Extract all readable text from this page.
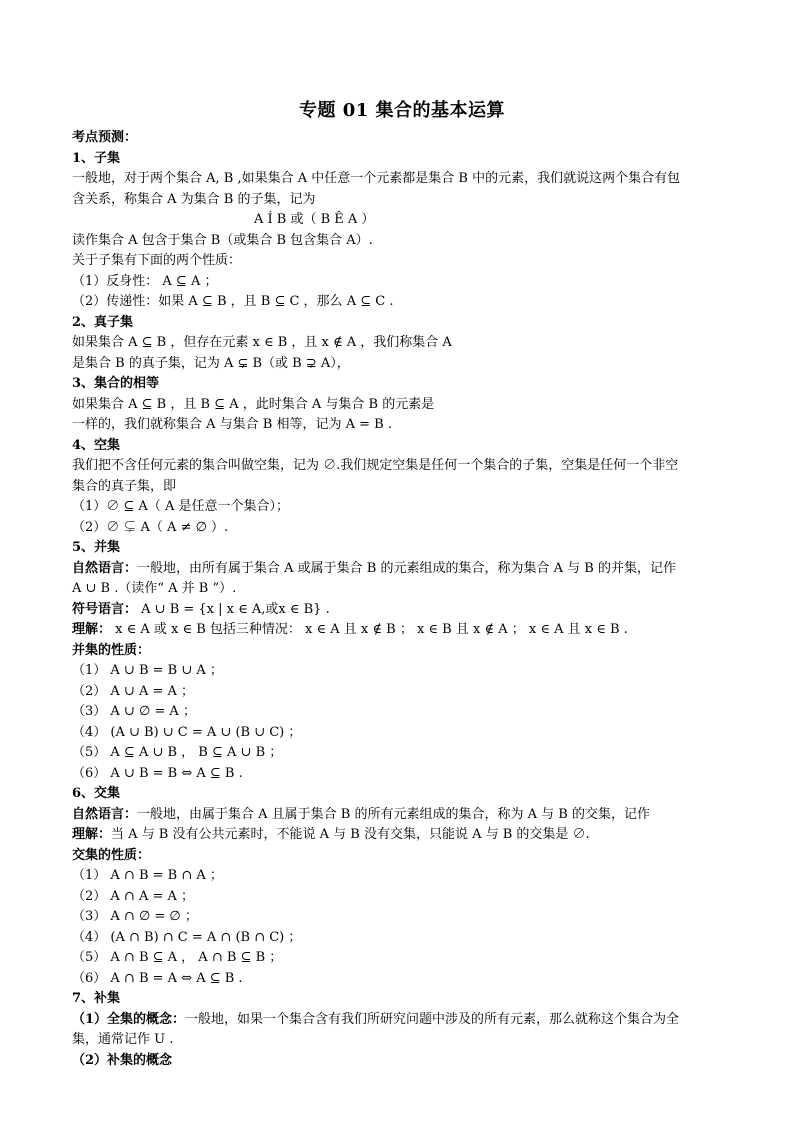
专题 01 集合的基本运算
考点预测：
1、子集
一般地，对于两个集合 A, B ,如果集合 A 中任意一个元素都是集合 B 中的元素，我们就说这两个集合有包
含关系，称集合 A 为集合 B 的子集，记为
A Í B 或（ B Ê A ）
读作集合 A 包含于集合 B（或集合 B 包含集合 A）.
关于子集有下面的两个性质：
（1）反身性： A ⊆ A ；
（2）传递性：如果 A ⊆ B ，且 B ⊆ C ，那么 A ⊆ C .
2、真子集
如果集合 A ⊆ B ，但存在元素 x ∈ B ，且 x ∉ A ，我们称集合 A
是集合 B 的真子集，记为 A ⊊ B（或 B ⊋ A），
3、集合的相等
如果集合 A ⊆ B ，且 B ⊆ A ，此时集合 A 与集合 B 的元素是
一样的，我们就称集合 A 与集合 B 相等，记为 A = B .
4、空集
我们把不含任何元素的集合叫做空集，记为 ∅.我们规定空集是任何一个集合的子集，空集是任何一个非空
集合的真子集，即
（1）∅ ⊆ A（ A 是任意一个集合）；
（2）∅ ⊊ A（ A ≠ ∅ ）.
5、并集
自然语言：一般地，由所有属于集合 A 或属于集合 B 的元素组成的集合，称为集合 A 与 B 的并集，记作
A ∪ B .（读作“ A 并 B ”）.
符号语言： A ∪ B = {x | x ∈ A,或x ∈ B} .
理解： x ∈ A 或 x ∈ B 包括三种情况： x ∈ A 且 x ∉ B ； x ∈ B 且 x ∉ A ； x ∈ A 且 x ∈ B .
并集的性质：
（1） A ∪ B = B ∪ A ；
（2） A ∪ A = A ；
（3） A ∪ ∅ = A ；
（4） (A ∪ B) ∪ C = A ∪ (B ∪ C) ；
（5） A ⊆ A ∪ B ， B ⊆ A ∪ B ；
（6） A ∪ B = B ⇔ A ⊆ B .
6、交集
自然语言：一般地，由属于集合 A 且属于集合 B 的所有元素组成的集合，称为 A 与 B 的交集，记作
理解：当 A 与 B 没有公共元素时，不能说 A 与 B 没有交集，只能说 A 与 B 的交集是 ∅.
交集的性质：
（1） A ∩ B = B ∩ A ；
（2） A ∩ A = A ；
（3） A ∩ ∅ = ∅ ；
（4） (A ∩ B) ∩ C = A ∩ (B ∩ C) ；
（5） A ∩ B ⊆ A ， A ∩ B ⊆ B ；
（6） A ∩ B = A ⇔ A ⊆ B .
7、补集
（1）全集的概念：一般地，如果一个集合含有我们所研究问题中涉及的所有元素，那么就称这个集合为全
集，通常记作 U .
（2）补集的概念
